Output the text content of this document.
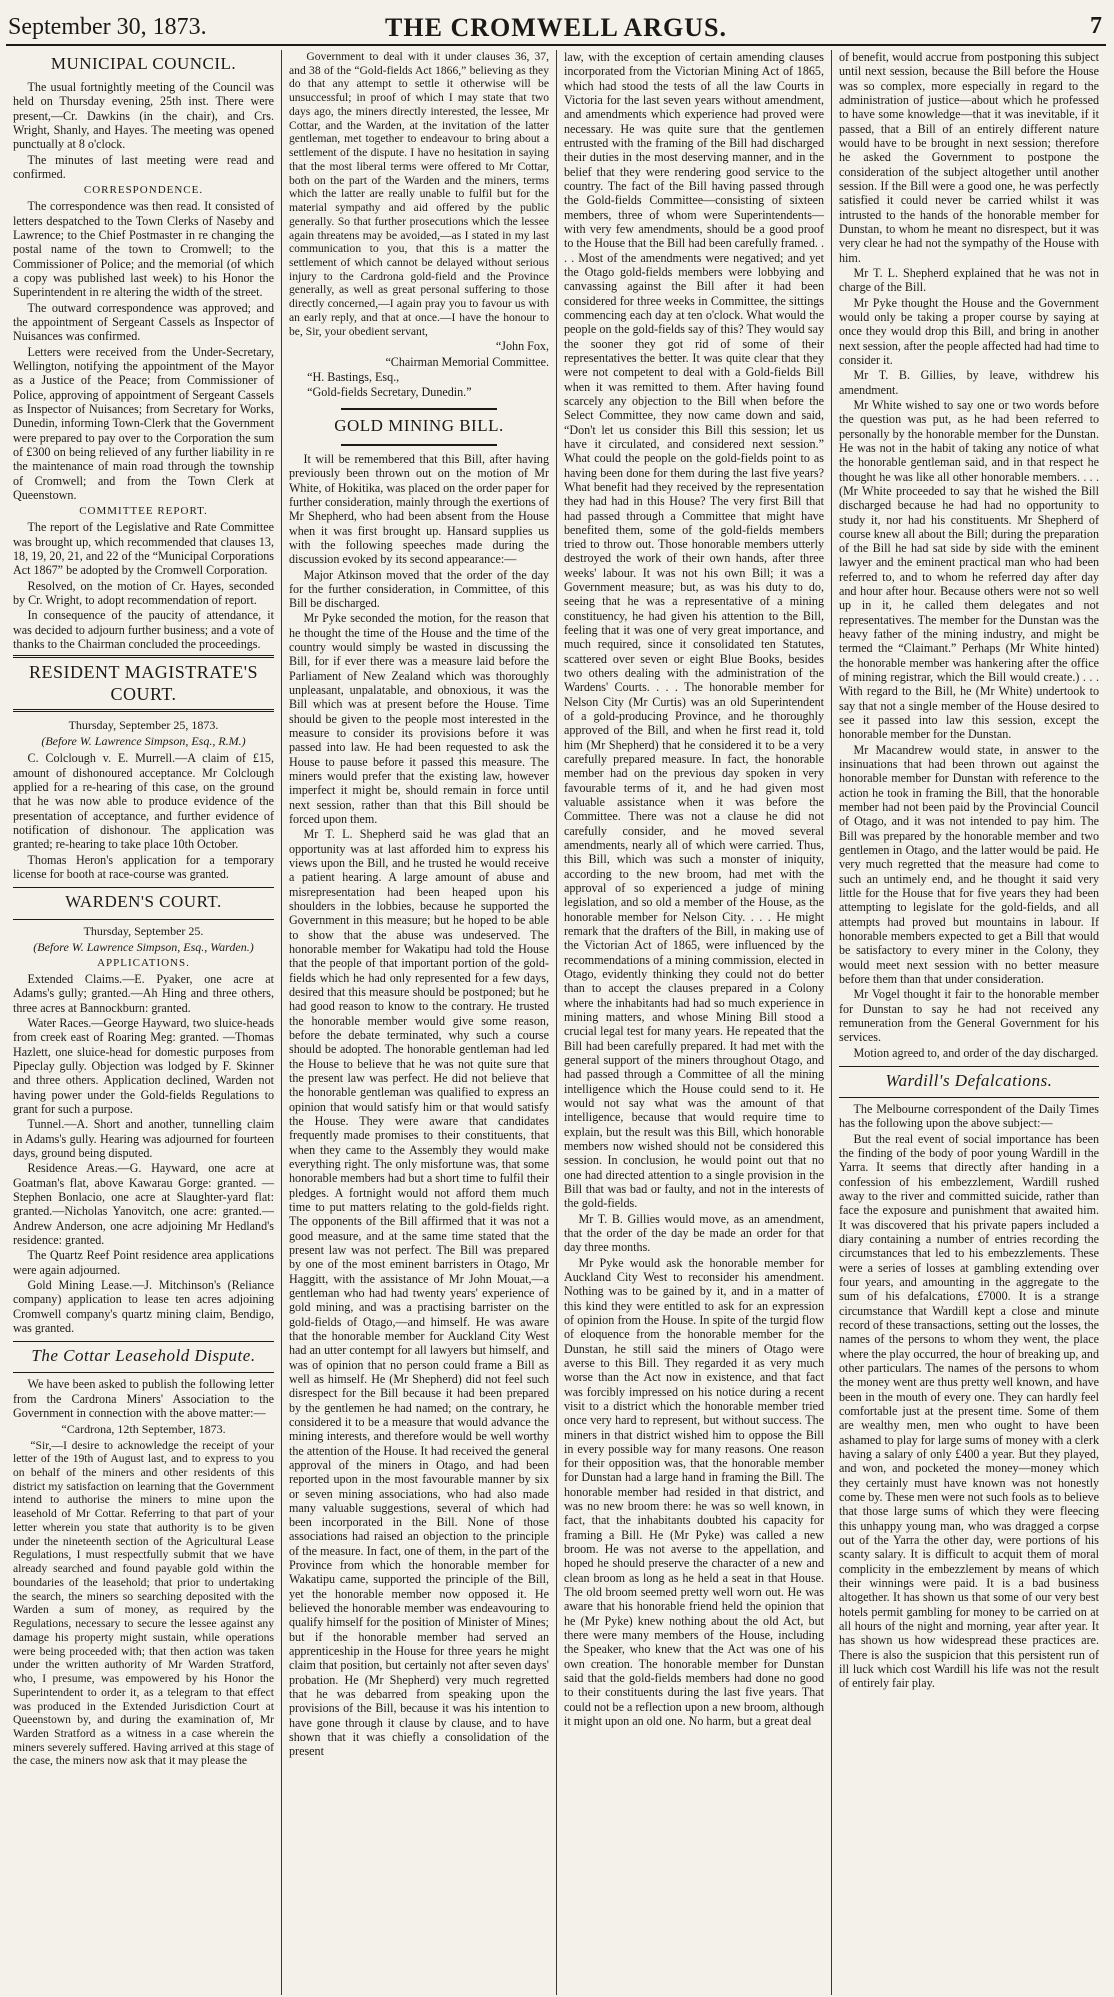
September 30, 1873.	THE CROMWELL ARGUS.	7
MUNICIPAL COUNCIL.

The usual fortnightly meeting of the Council was held on Thursday evening, 25th inst. There were present,—Cr. Dawkins (in the chair), and Crs. Wright, Shanly, and Hayes. The meeting was opened punctually at 8 o'clock.

The minutes of last meeting were read and confirmed.

CORRESPONDENCE.

The correspondence was then read. It consisted of letters despatched to the Town Clerks of Naseby and Lawrence; to the Chief Postmaster in re changing the postal name of the town to Cromwell; to the Commissioner of Police; and the memorial (of which a copy was published last week) to his Honor the Superintendent in re altering the width of the street.

The outward correspondence was approved; and the appointment of Sergeant Cassels as Inspector of Nuisances was confirmed.

Letters were received from the Under-Secretary, Wellington, notifying the appointment of the Mayor as a Justice of the Peace; from Commissioner of Police, approving of appointment of Sergeant Cassels as Inspector of Nuisances; from Secretary for Works, Dunedin, informing Town-Clerk that the Government were prepared to pay over to the Corporation the sum of £300 on being relieved of any further liability in re the maintenance of main road through the township of Cromwell; and from the Town Clerk at Queenstown.

COMMITTEE REPORT.

The report of the Legislative and Rate Committee was brought up, which recommended that clauses 13, 18, 19, 20, 21, and 22 of the “Municipal Corporations Act 1867” be adopted by the Cromwell Corporation.

Resolved, on the motion of Cr. Hayes, seconded by Cr. Wright, to adopt recommendation of report.

In consequence of the paucity of attendance, it was decided to adjourn further business; and a vote of thanks to the Chairman concluded the proceedings.

RESIDENT MAGISTRATE'S COURT.
Thursday, September 25, 1873.
(Before W. Lawrence Simpson, Esq., R.M.)

C. Colclough v. E. Murrell.—A claim of £15, amount of dishonoured acceptance. Mr Colclough applied for a re-hearing of this case, on the ground that he was now able to produce evidence of the presentation of acceptance, and further evidence of notification of dishonour. The application was granted; re-hearing to take place 10th October.

Thomas Heron's application for a temporary license for booth at race-course was granted.

WARDEN'S COURT.
Thursday, September 25.
(Before W. Lawrence Simpson, Esq., Warden.)
APPLICATIONS.

Extended Claims.—E. Pyaker, one acre at Adams's gully; granted.—Ah Hing and three others, three acres at Bannockburn: granted.

Water Races.—George Hayward, two sluice-heads from creek east of Roaring Meg: granted. —Thomas Hazlett, one sluice-head for domestic purposes from Pipeclay gully. Objection was lodged by F. Skinner and three others. Application declined, Warden not having power under the Gold-fields Regulations to grant for such a purpose.

Tunnel.—A. Short and another, tunnelling claim in Adams's gully. Hearing was adjourned for fourteen days, ground being disputed.

Residence Areas.—G. Hayward, one acre at Goatman's flat, above Kawarau Gorge: granted. —Stephen Bonlacio, one acre at Slaughter-yard flat: granted.—Nicholas Yanovitch, one acre: granted.—Andrew Anderson, one acre adjoining Mr Hedland's residence: granted.

The Quartz Reef Point residence area applications were again adjourned.

Gold Mining Lease.—J. Mitchinson's (Reliance company) application to lease ten acres adjoining Cromwell company's quartz mining claim, Bendigo, was granted.

The Cottar Leasehold Dispute.

We have been asked to publish the following letter from the Cardrona Miners' Association to the Government in connection with the above matter:—

“Cardrona, 12th September, 1873.

“Sir,—I desire to acknowledge the receipt of your letter of the 19th of August last, and to express to you on behalf of the miners and other residents of this district my satisfaction on learning that the Government intend to authorise the miners to mine upon the leasehold of Mr Cottar. Referring to that part of your letter wherein you state that authority is to be given under the nineteenth section of the Agricultural Lease Regulations, I must respectfully submit that we have already searched and found payable gold within the boundaries of the leasehold; that prior to undertaking the search, the miners so searching deposited with the Warden a sum of money, as required by the Regulations, necessary to secure the lessee against any damage his property might sustain, while operations were being proceeded with; that then action was taken under the written authority of Mr Warden Stratford, who, I presume, was empowered by his Honor the Superintendent to order it, as a telegram to that effect was produced in the Extended Jurisdiction Court at Queenstown by, and during the examination of, Mr Warden Stratford as a witness in a case wherein the miners severely suffered. Having arrived at this stage of the case, the miners now ask that it may please the

Government to deal with it under clauses 36, 37, and 38 of the “Gold-fields Act 1866,” believing as they do that any attempt to settle it otherwise will be unsuccessful; in proof of which I may state that two days ago, the miners directly interested, the lessee, Mr Cottar, and the Warden, at the invitation of the latter gentleman, met together to endeavour to bring about a settlement of the dispute. I have no hesitation in saying that the most liberal terms were offered to Mr Cottar, both on the part of the Warden and the miners, terms which the latter are really unable to fulfil but for the material sympathy and aid offered by the public generally. So that further prosecutions which the lessee again threatens may be avoided,—as I stated in my last communication to you, that this is a matter the settlement of which cannot be delayed without serious injury to the Cardrona gold-field and the Province generally, as well as great personal suffering to those directly concerned,—I again pray you to favour us with an early reply, and that at once.—I have the honour to be, Sir, your obedient servant,

“John Fox,

“Chairman Memorial Committee.

“H. Bastings, Esq.,

“Gold-fields Secretary, Dunedin.”

GOLD MINING BILL.

It will be remembered that this Bill, after having previously been thrown out on the motion of Mr White, of Hokitika, was placed on the order paper for further consideration, mainly through the exertions of Mr Shepherd, who had been absent from the House when it was first brought up. Hansard supplies us with the following speeches made during the discussion evoked by its second appearance:—

Major Atkinson moved that the order of the day for the further consideration, in Committee, of this Bill be discharged.

Mr Pyke seconded the motion, for the reason that he thought the time of the House and the time of the country would simply be wasted in discussing the Bill, for if ever there was a measure laid before the Parliament of New Zealand which was thoroughly unpleasant, unpalatable, and obnoxious, it was the Bill which was at present before the House. Time should be given to the people most interested in the measure to consider its provisions before it was passed into law. He had been requested to ask the House to pause before it passed this measure. The miners would prefer that the existing law, however imperfect it might be, should remain in force until next session, rather than that this Bill should be forced upon them.

Mr T. L. Shepherd said he was glad that an opportunity was at last afforded him to express his views upon the Bill, and he trusted he would receive a patient hearing. A large amount of abuse and misrepresentation had been heaped upon his shoulders in the lobbies, because he supported the Government in this measure; but he hoped to be able to show that the abuse was undeserved. The honorable member for Wakatipu had told the House that the people of that important portion of the gold-fields which he had only represented for a few days, desired that this measure should be postponed; but he had good reason to know to the contrary. He trusted the honorable member would give some reason, before the debate terminated, why such a course should be adopted. The honorable gentleman had led the House to believe that he was not quite sure that the present law was perfect. He did not believe that the honorable gentleman was qualified to express an opinion that would satisfy him or that would satisfy the House. They were aware that candidates frequently made promises to their constituents, that when they came to the Assembly they would make everything right. The only misfortune was, that some honorable members had but a short time to fulfil their pledges. A fortnight would not afford them much time to put matters relating to the gold-fields right. The opponents of the Bill affirmed that it was not a good measure, and at the same time stated that the present law was not perfect. The Bill was prepared by one of the most eminent barristers in Otago, Mr Haggitt, with the assistance of Mr John Mouat,—a gentleman who had had twenty years' experience of gold mining, and was a practising barrister on the gold-fields of Otago,—and himself. He was aware that the honorable member for Auckland City West had an utter contempt for all lawyers but himself, and was of opinion that no person could frame a Bill as well as himself. He (Mr Shepherd) did not feel such disrespect for the Bill because it had been prepared by the gentlemen he had named; on the contrary, he considered it to be a measure that would advance the mining interests, and therefore would be well worthy the attention of the House. It had received the general approval of the miners in Otago, and had been reported upon in the most favourable manner by six or seven mining associations, who had also made many valuable suggestions, several of which had been incorporated in the Bill. None of those associations had raised an objection to the principle of the measure. In fact, one of them, in the part of the Province from which the honorable member for Wakatipu came, supported the principle of the Bill, yet the honorable member now opposed it. He believed the honorable member was endeavouring to qualify himself for the position of Minister of Mines; but if the honorable member had served an apprenticeship in the House for three years he might claim that position, but certainly not after seven days' probation. He (Mr Shepherd) very much regretted that he was debarred from speaking upon the provisions of the Bill, because it was his intention to have gone through it clause by clause, and to have shown that it was chiefly a consolidation of the present

law, with the exception of certain amending clauses incorporated from the Victorian Mining Act of 1865, which had stood the tests of all the law Courts in Victoria for the last seven years without amendment, and amendments which experience had proved were necessary. He was quite sure that the gentlemen entrusted with the framing of the Bill had discharged their duties in the most deserving manner, and in the belief that they were rendering good service to the country. The fact of the Bill having passed through the Gold-fields Committee—consisting of sixteen members, three of whom were Superintendents—with very few amendments, should be a good proof to the House that the Bill had been carefully framed. . . . Most of the amendments were negatived; and yet the Otago gold-fields members were lobbying and canvassing against the Bill after it had been considered for three weeks in Committee, the sittings commencing each day at ten o'clock. What would the people on the gold-fields say of this? They would say the sooner they got rid of some of their representatives the better. It was quite clear that they were not competent to deal with a Gold-fields Bill when it was remitted to them. After having found scarcely any objection to the Bill when before the Select Committee, they now came down and said, “Don't let us consider this Bill this session; let us have it circulated, and considered next session.” What could the people on the gold-fields point to as having been done for them during the last five years? What benefit had they received by the representation they had had in this House? The very first Bill that had passed through a Committee that might have benefited them, some of the gold-fields members tried to throw out. Those honorable members utterly destroyed the work of their own hands, after three weeks' labour. It was not his own Bill; it was a Government measure; but, as was his duty to do, seeing that he was a representative of a mining constituency, he had given his attention to the Bill, feeling that it was one of very great importance, and much required, since it consolidated ten Statutes, scattered over seven or eight Blue Books, besides two others dealing with the administration of the Wardens' Courts. . . . The honorable member for Nelson City (Mr Curtis) was an old Superintendent of a gold-producing Province, and he thoroughly approved of the Bill, and when he first read it, told him (Mr Shepherd) that he considered it to be a very carefully prepared measure. In fact, the honorable member had on the previous day spoken in very favourable terms of it, and he had given most valuable assistance when it was before the Committee. There was not a clause he did not carefully consider, and he moved several amendments, nearly all of which were carried. Thus, this Bill, which was such a monster of iniquity, according to the new broom, had met with the approval of so experienced a judge of mining legislation, and so old a member of the House, as the honorable member for Nelson City. . . . He might remark that the drafters of the Bill, in making use of the Victorian Act of 1865, were influenced by the recommendations of a mining commission, elected in Otago, evidently thinking they could not do better than to accept the clauses prepared in a Colony where the inhabitants had had so much experience in mining matters, and whose Mining Bill stood a crucial legal test for many years. He repeated that the Bill had been carefully prepared. It had met with the general support of the miners throughout Otago, and had passed through a Committee of all the mining intelligence which the House could send to it. He would not say what was the amount of that intelligence, because that would require time to explain, but the result was this Bill, which honorable members now wished should not be considered this session. In conclusion, he would point out that no one had directed attention to a single provision in the Bill that was bad or faulty, and not in the interests of the gold-fields.

Mr T. B. Gillies would move, as an amendment, that the order of the day be made an order for that day three months.

Mr Pyke would ask the honorable member for Auckland City West to reconsider his amendment. Nothing was to be gained by it, and in a matter of this kind they were entitled to ask for an expression of opinion from the House. In spite of the turgid flow of eloquence from the honorable member for the Dunstan, he still said the miners of Otago were averse to this Bill. They regarded it as very much worse than the Act now in existence, and that fact was forcibly impressed on his notice during a recent visit to a district which the honorable member tried once very hard to represent, but without success. The miners in that district wished him to oppose the Bill in every possible way for many reasons. One reason for their opposition was, that the honorable member for Dunstan had a large hand in framing the Bill. The honorable member had resided in that district, and was no new broom there: he was so well known, in fact, that the inhabitants doubted his capacity for framing a Bill. He (Mr Pyke) was called a new broom. He was not averse to the appellation, and hoped he should preserve the character of a new and clean broom as long as he held a seat in that House. The old broom seemed pretty well worn out. He was aware that his honorable friend held the opinion that he (Mr Pyke) knew nothing about the old Act, but there were many members of the House, including the Speaker, who knew that the Act was one of his own creation. The honorable member for Dunstan said that the gold-fields members had done no good to their constituents during the last five years. That could not be a reflection upon a new broom, although it might upon an old one. No harm, but a great deal

of benefit, would accrue from postponing this subject until next session, because the Bill before the House was so complex, more especially in regard to the administration of justice—about which he professed to have some knowledge—that it was inevitable, if it passed, that a Bill of an entirely different nature would have to be brought in next session; therefore he asked the Government to postpone the consideration of the subject altogether until another session. If the Bill were a good one, he was perfectly satisfied it could never be carried whilst it was intrusted to the hands of the honorable member for Dunstan, to whom he meant no disrespect, but it was very clear he had not the sympathy of the House with him.

Mr T. L. Shepherd explained that he was not in charge of the Bill.

Mr Pyke thought the House and the Government would only be taking a proper course by saying at once they would drop this Bill, and bring in another next session, after the people affected had had time to consider it.

Mr T. B. Gillies, by leave, withdrew his amendment.

Mr White wished to say one or two words before the question was put, as he had been referred to personally by the honorable member for the Dunstan. He was not in the habit of taking any notice of what the honorable gentleman said, and in that respect he thought he was like all other honorable members. . . . (Mr White proceeded to say that he wished the Bill discharged because he had had no opportunity to study it, nor had his constituents. Mr Shepherd of course knew all about the Bill; during the preparation of the Bill he had sat side by side with the eminent lawyer and the eminent practical man who had been referred to, and to whom he referred day after day and hour after hour. Because others were not so well up in it, he called them delegates and not representatives. The member for the Dunstan was the heavy father of the mining industry, and might be termed the “Claimant.” Perhaps (Mr White hinted) the honorable member was hankering after the office of mining registrar, which the Bill would create.) . . . With regard to the Bill, he (Mr White) undertook to say that not a single member of the House desired to see it passed into law this session, except the honorable member for the Dunstan.

Mr Macandrew would state, in answer to the insinuations that had been thrown out against the honorable member for Dunstan with reference to the action he took in framing the Bill, that the honorable member had not been paid by the Provincial Council of Otago, and it was not intended to pay him. The Bill was prepared by the honorable member and two gentlemen in Otago, and the latter would be paid. He very much regretted that the measure had come to such an untimely end, and he thought it said very little for the House that for five years they had been attempting to legislate for the gold-fields, and all attempts had proved but mountains in labour. If honorable members expected to get a Bill that would be satisfactory to every miner in the Colony, they would meet next session with no better measure before them than that under consideration.

Mr Vogel thought it fair to the honorable member for Dunstan to say he had not received any remuneration from the General Government for his services.

Motion agreed to, and order of the day discharged.

Wardill's Defalcations.

The Melbourne correspondent of the Daily Times has the following upon the above subject:—

But the real event of social importance has been the finding of the body of poor young Wardill in the Yarra. It seems that directly after handing in a confession of his embezzlement, Wardill rushed away to the river and committed suicide, rather than face the exposure and punishment that awaited him. It was discovered that his private papers included a diary containing a number of entries recording the circumstances that led to his embezzlements. These were a series of losses at gambling extending over four years, and amounting in the aggregate to the sum of his defalcations, £7000. It is a strange circumstance that Wardill kept a close and minute record of these transactions, setting out the losses, the names of the persons to whom they went, the place where the play occurred, the hour of breaking up, and other particulars. The names of the persons to whom the money went are thus pretty well known, and have been in the mouth of every one. They can hardly feel comfortable just at the present time. Some of them are wealthy men, men who ought to have been ashamed to play for large sums of money with a clerk having a salary of only £400 a year. But they played, and won, and pocketed the money—money which they certainly must have known was not honestly come by. These men were not such fools as to believe that those large sums of which they were fleecing this unhappy young man, who was dragged a corpse out of the Yarra the other day, were portions of his scanty salary. It is difficult to acquit them of moral complicity in the embezzlement by means of which their winnings were paid. It is a bad business altogether. It has shown us that some of our very best hotels permit gambling for money to be carried on at all hours of the night and morning, year after year. It has shown us how widespread these practices are. There is also the suspicion that this persistent run of ill luck which cost Wardill his life was not the result of entirely fair play.
